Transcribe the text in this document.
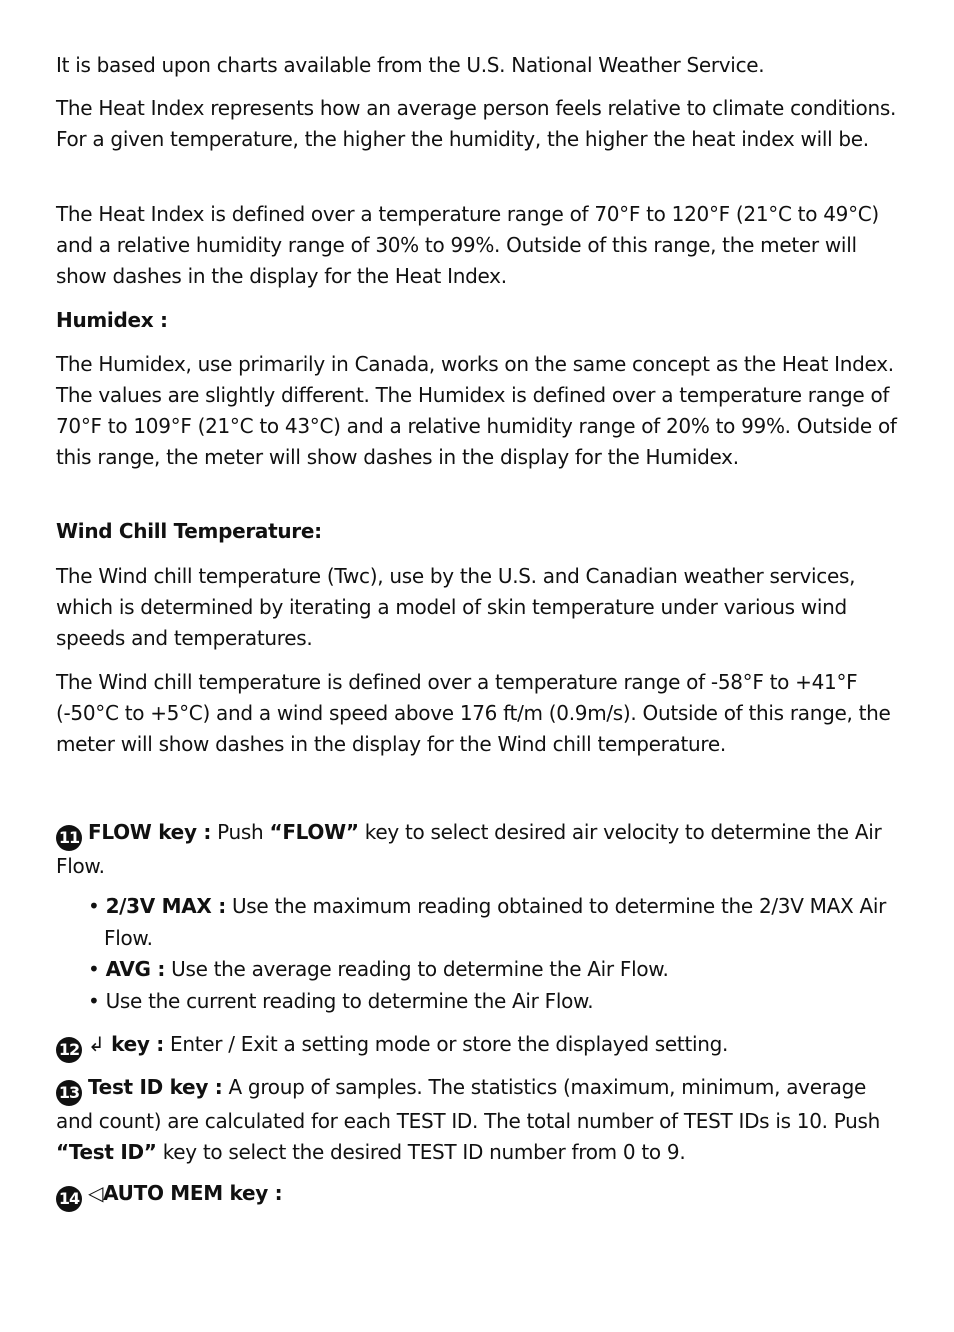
It is based upon charts available from the U.S. National Weather Service.

The Heat Index represents how an average person feels relative to climate conditions. For a given temperature, the higher the humidity, the higher the heat index will be.

The Heat Index is defined over a temperature range of 70°F to 120°F (21°C to 49°C) and a relative humidity range of 30% to 99%. Outside of this range, the meter will show dashes in the display for the Heat Index.

Humidex :

The Humidex, use primarily in Canada, works on the same concept as the Heat Index. The values are slightly different. The Humidex is defined over a temperature range of 70°F to 109°F (21°C to 43°C) and a relative humidity range of 20% to 99%. Outside of this range, the meter will show dashes in the display for the Humidex.

Wind Chill Temperature:

The Wind chill temperature (Twc), use by the U.S. and Canadian weather services, which is determined by iterating a model of skin temperature under various wind speeds and temperatures.

The Wind chill temperature is defined over a temperature range of -58°F to +41°F (-50°C to +5°C) and a wind speed above 176 ft/m (0.9m/s). Outside of this range, the meter will show dashes in the display for the Wind chill temperature.

11 FLOW key : Push “FLOW” key to select desired air velocity to determine the Air Flow.

• 2/3V MAX : Use the maximum reading obtained to determine the 2/3V MAX Air Flow.
• AVG : Use the average reading to determine the Air Flow.
• Use the current reading to determine the Air Flow.

12 ↲ key : Enter / Exit a setting mode or store the displayed setting.

13 Test ID key : A group of samples. The statistics (maximum, minimum, average and count) are calculated for each TEST ID. The total number of TEST IDs is 10. Push “Test ID” key to select the desired TEST ID number from 0 to 9.

14 ◁AUTO MEM key :
